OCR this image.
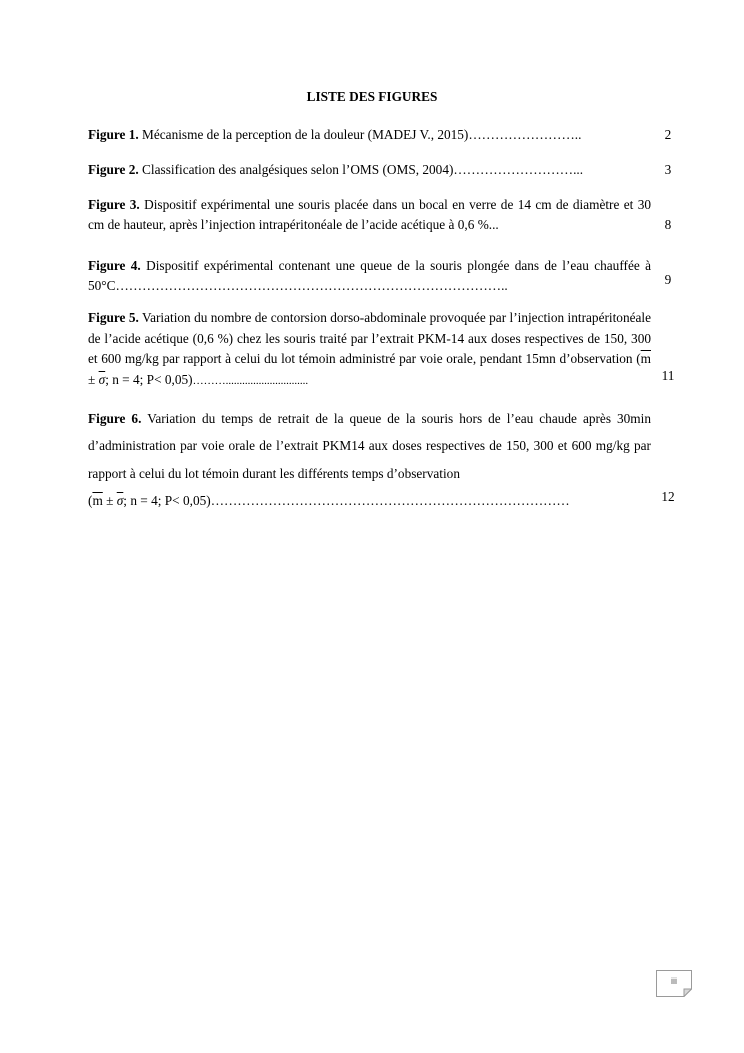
LISTE DES FIGURES
Figure 1. Mécanisme de la perception de la douleur (MADEJ V., 2015)……………………..	2
Figure 2. Classification des analgésiques selon l’OMS (OMS, 2004)………………………...	3
Figure 3. Dispositif expérimental une souris placée dans un bocal en verre de 14 cm de diamètre et 30 cm de hauteur, après l’injection intrapéritonéale de l’acide acétique à 0,6 %...	8
Figure 4. Dispositif expérimental contenant une queue de la souris plongée dans de l’eau chauffée à 50°C……………………………………………………………………………..	9
Figure 5. Variation du nombre de contorsion dorso-abdominale provoquée par l’injection intrapéritonéale de l’acide acétique (0,6 %) chez les souris traité par l’extrait PKM-14 aux doses respectives de 150, 300 et 600 mg/kg par rapport à celui du lot témoin administré par voie orale, pendant 15mn d’observation ($\overline{m} \pm \overline{\sigma}$; n = 4; P< 0,05)………..............................	11
Figure 6. Variation du temps de retrait de la queue de la souris hors de l’eau chaude après 30min d’administration par voie orale de l’extrait PKM14 aux doses respectives de 150, 300 et 600 mg/kg par rapport à celui du lot témoin durant les différents temps d’observation
($\overline{m} \pm \overline{\sigma}$; n = 4; P< 0,05)………………………………………………………………………	12
iii
